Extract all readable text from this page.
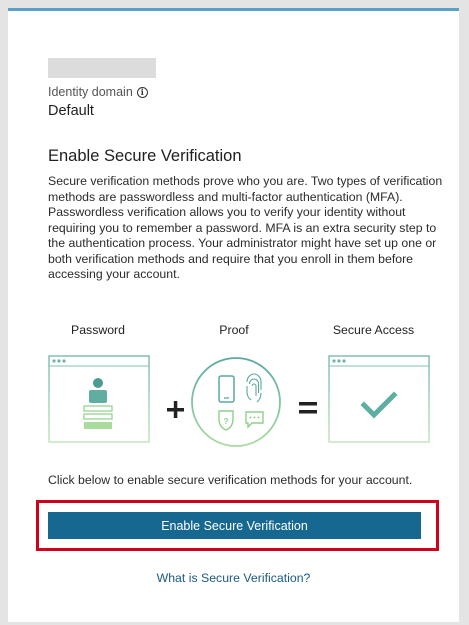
Identity domain i
Default
Enable Secure Verification

Secure verification methods prove who you are. Two types of verification methods are passwordless and multi-factor authentication (MFA). Passwordless verification allows you to verify your identity without requiring you to remember a password. MFA is an extra security step to the authentication process. Your administrator might have set up one or both verification methods and require that you enroll in them before accessing your account.

Password	Proof	Secure Access
?
Click below to enable secure verification methods for your account.
Enable Secure Verification
What is Secure Verification?
